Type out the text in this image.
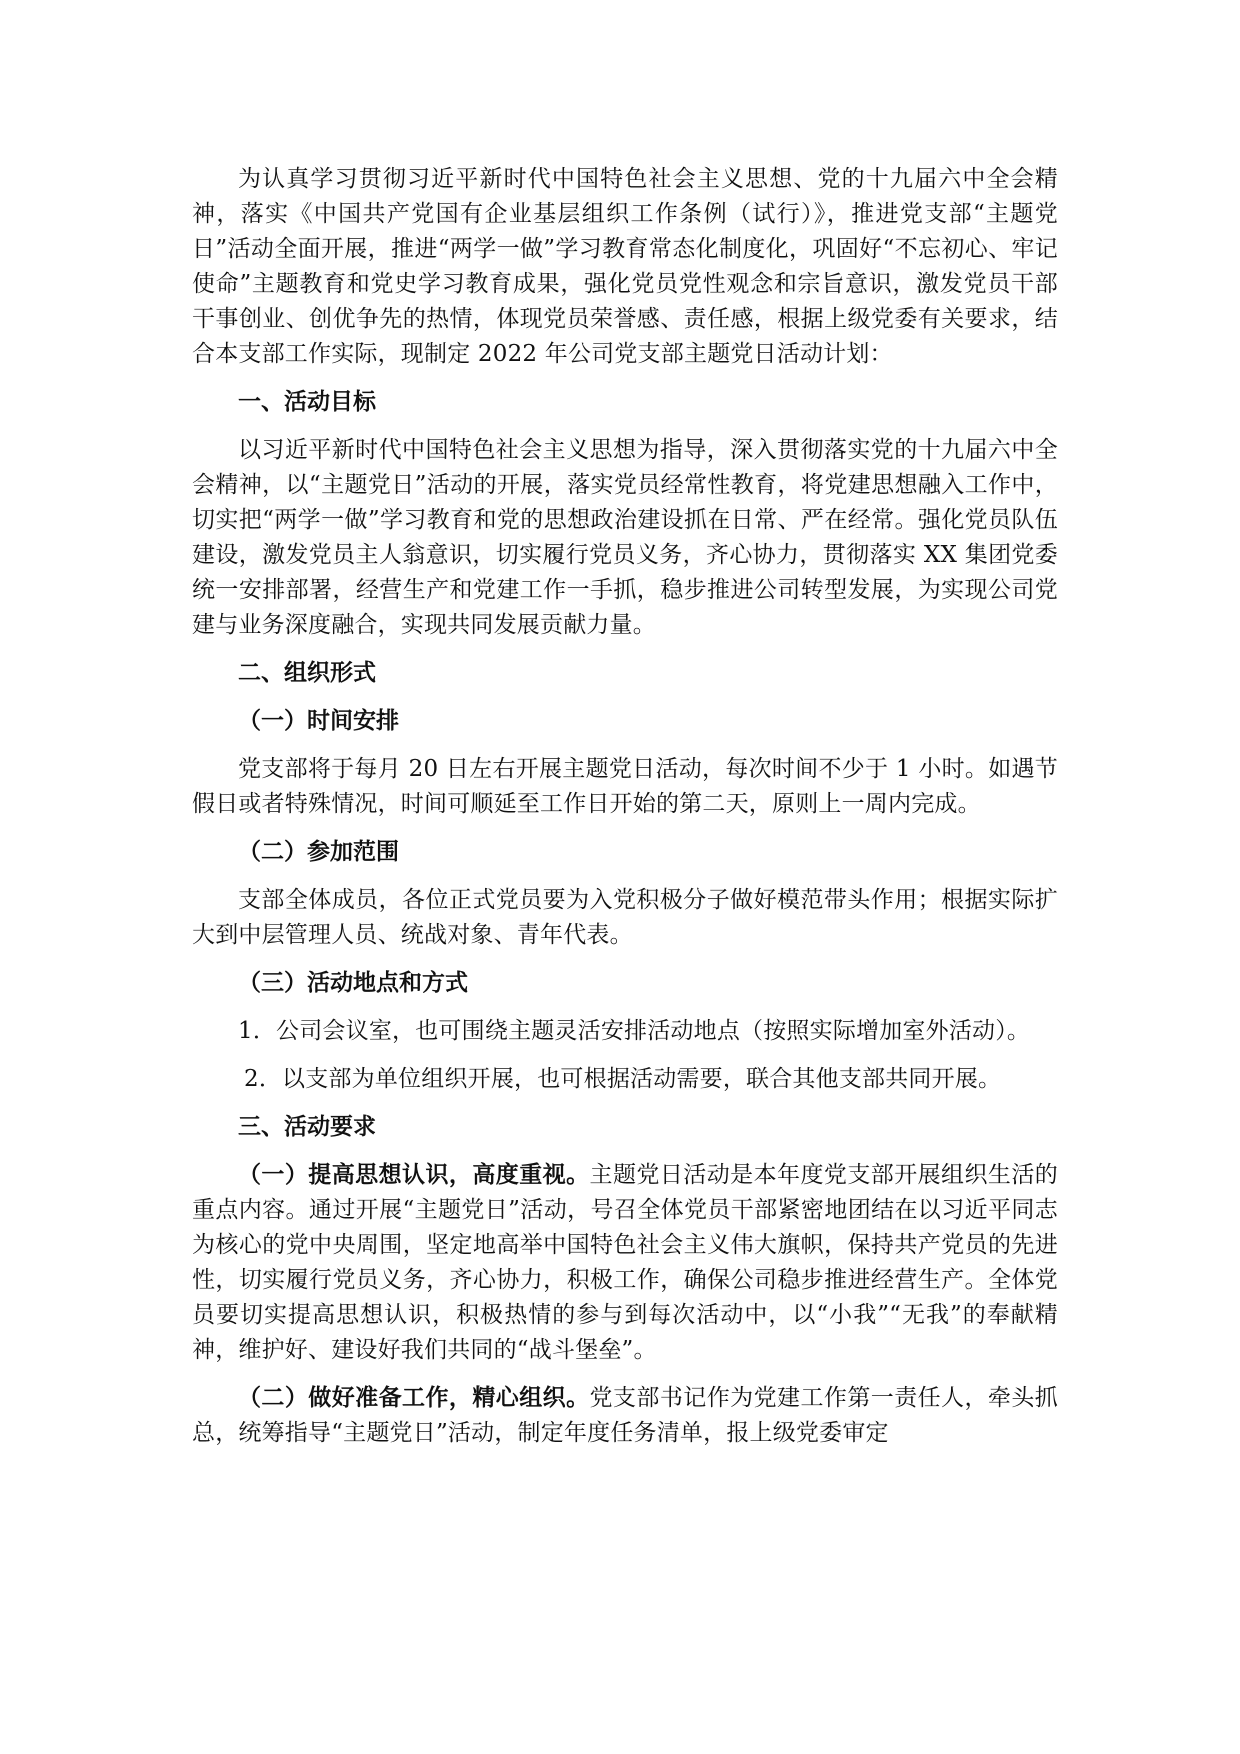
为认真学习贯彻习近平新时代中国特色社会主义思想、党的十九届六中全会精神，落实《中国共产党国有企业基层组织工作条例（试行）》，推进党支部“主题党日”活动全面开展，推进“两学一做”学习教育常态化制度化，巩固好“不忘初心、牢记使命”主题教育和党史学习教育成果，强化党员党性观念和宗旨意识，激发党员干部干事创业、创优争先的热情，体现党员荣誉感、责任感，根据上级党委有关要求，结合本支部工作实际，现制定 2022 年公司党支部主题党日活动计划：

一、活动目标

以习近平新时代中国特色社会主义思想为指导，深入贯彻落实党的十九届六中全会精神，以“主题党日”活动的开展，落实党员经常性教育，将党建思想融入工作中，切实把“两学一做”学习教育和党的思想政治建设抓在日常、严在经常。强化党员队伍建设，激发党员主人翁意识，切实履行党员义务，齐心协力，贯彻落实 XX 集团党委统一安排部署，经营生产和党建工作一手抓，稳步推进公司转型发展，为实现公司党建与业务深度融合，实现共同发展贡献力量。

二、组织形式
（一）时间安排

党支部将于每月 20 日左右开展主题党日活动，每次时间不少于 1 小时。如遇节假日或者特殊情况，时间可顺延至工作日开始的第二天，原则上一周内完成。

（二）参加范围

支部全体成员，各位正式党员要为入党积极分子做好模范带头作用；根据实际扩大到中层管理人员、统战对象、青年代表。

（三）活动地点和方式

1．公司会议室，也可围绕主题灵活安排活动地点（按照实际增加室外活动）。

2．以支部为单位组织开展，也可根据活动需要，联合其他支部共同开展。

三、活动要求

（一）提高思想认识，高度重视。主题党日活动是本年度党支部开展组织生活的重点内容。通过开展“主题党日”活动，号召全体党员干部紧密地团结在以习近平同志为核心的党中央周围，坚定地高举中国特色社会主义伟大旗帜，保持共产党员的先进性，切实履行党员义务，齐心协力，积极工作，确保公司稳步推进经营生产。全体党员要切实提高思想认识，积极热情的参与到每次活动中，以“小我”“无我”的奉献精神，维护好、建设好我们共同的“战斗堡垒”。

（二）做好准备工作，精心组织。党支部书记作为党建工作第一责任人，牵头抓总，统筹指导“主题党日”活动，制定年度任务清单，报上级党委审定
